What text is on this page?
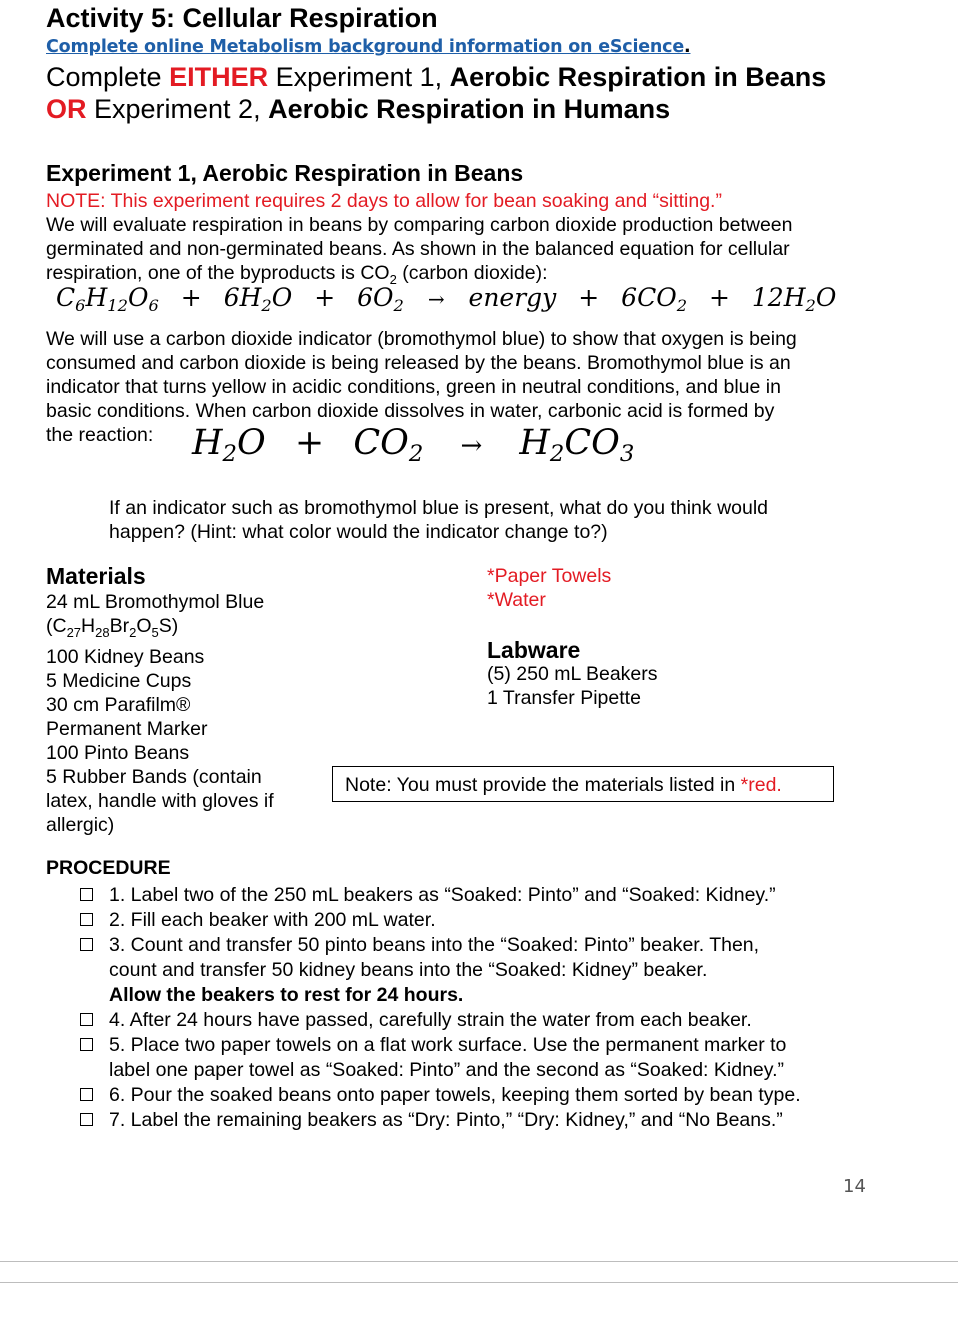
Activity 5: Cellular Respiration
Complete online Metabolism background information on eScience.
Complete EITHER Experiment 1, Aerobic Respiration in Beans
OR Experiment 2, Aerobic Respiration in Humans
Experiment 1, Aerobic Respiration in Beans
NOTE: This experiment requires 2 days to allow for bean soaking and “sitting.”
We will evaluate respiration in beans by comparing carbon dioxide production between
germinated and non-germinated beans. As shown in the balanced equation for cellular
respiration, one of the byproducts is $CO_2$ (carbon dioxide):
$C_6H_{12}O_6 + 6H_2O + 6O_2$ → energy + $6CO_2 + 12H_2O$
We will use a carbon dioxide indicator (bromothymol blue) to show that oxygen is being
consumed and carbon dioxide is being released by the beans. Bromothymol blue is an
indicator that turns yellow in acidic conditions, green in neutral conditions, and blue in
basic conditions. When carbon dioxide dissolves in water, carbonic acid is formed by
the reaction:	$H_2O + CO_2 \to H_2CO_3$
If an indicator such as bromothymol blue is present, what do you think would
happen? (Hint: what color would the indicator change to?)
Materials
24 mL Bromothymol Blue
$(C_{27}H_{28}Br_2O_5S)$
100 Kidney Beans
5 Medicine Cups
30 cm Parafilm®
Permanent Marker
100 Pinto Beans
5 Rubber Bands (contain
latex, handle with gloves if
allergic)
*Paper Towels
*Water
Labware
(5) 250 mL Beakers
1 Transfer Pipette
Note: You must provide the materials listed in *red.
PROCEDURE
1. Label two of the 250 mL beakers as “Soaked: Pinto” and “Soaked: Kidney.”
2. Fill each beaker with 200 mL water.
3. Count and transfer 50 pinto beans into the “Soaked: Pinto” beaker. Then,
count and transfer 50 kidney beans into the “Soaked: Kidney” beaker.
Allow the beakers to rest for 24 hours.
4. After 24 hours have passed, carefully strain the water from each beaker.
5. Place two paper towels on a flat work surface. Use the permanent marker to
label one paper towel as “Soaked: Pinto” and the second as “Soaked: Kidney.”
6. Pour the soaked beans onto paper towels, keeping them sorted by bean type.
7. Label the remaining beakers as “Dry: Pinto,” “Dry: Kidney,” and “No Beans.”
14
